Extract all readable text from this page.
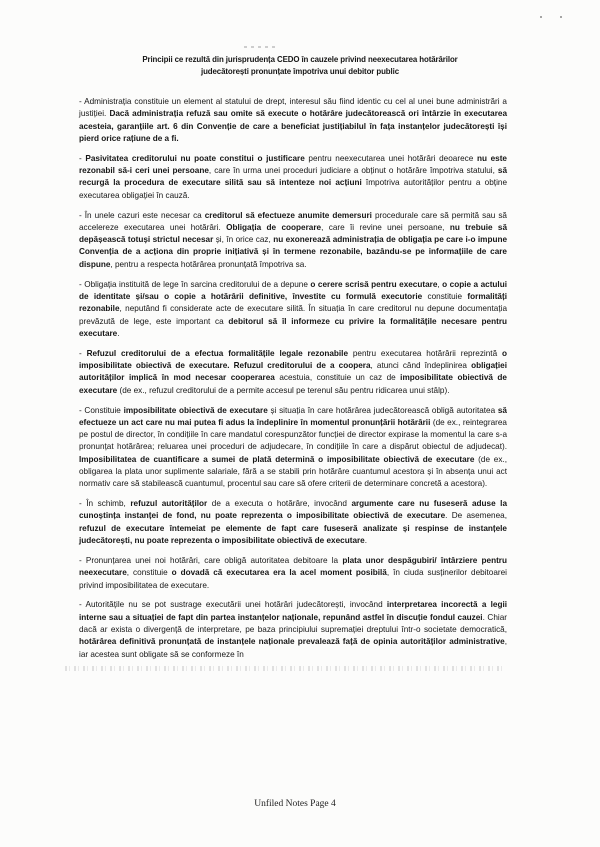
Principii ce rezultă din jurisprudența CEDO în cauzele privind neexecutarea hotărârilor
judecătorești pronunțate împotriva unui debitor public

- Administrația constituie un element al statului de drept, interesul său fiind identic cu cel al unei bune administrări a justiției. Dacă administrația refuză sau omite să execute o hotărâre judecătorească ori întârzie în executarea acesteia, garanțiile art. 6 din Convenție de care a beneficiat justițiabilul în fața instanțelor judecătorești își pierd orice rațiune de a fi.

- Pasivitatea creditorului nu poate constitui o justificare pentru neexecutarea unei hotărâri deoarece nu este rezonabil să-i ceri unei persoane, care în urma unei proceduri judiciare a obținut o hotărâre împotriva statului, să recurgă la procedura de executare silită sau să intenteze noi acțiuni împotriva autorităților pentru a obține executarea obligației în cauză.

- În unele cazuri este necesar ca creditorul să efectueze anumite demersuri procedurale care să permită sau să accelereze executarea unei hotărâri. Obligația de cooperare, care îi revine unei persoane, nu trebuie să depășească totuși strictul necesar și, în orice caz, nu exonerează administrația de obligația pe care i-o impune Convenția de a acționa din proprie inițiativă și în termene rezonabile, bazându-se pe informațiile de care dispune, pentru a respecta hotărârea pronunțată împotriva sa.

- Obligația instituită de lege în sarcina creditorului de a depune o cerere scrisă pentru executare, o copie a actului de identitate și/sau o copie a hotărârii definitive, învestite cu formulă executorie constituie formalități rezonabile, neputând fi considerate acte de executare silită. În situația în care creditorul nu depune documentația prevăzută de lege, este important ca debitorul să îl informeze cu privire la formalitățile necesare pentru executare.

- Refuzul creditorului de a efectua formalitățile legale rezonabile pentru executarea hotărârii reprezintă o imposibilitate obiectivă de executare. Refuzul creditorului de a coopera, atunci când îndeplinirea obligației autorităților implică în mod necesar cooperarea acestuia, constituie un caz de imposibilitate obiectivă de executare (de ex., refuzul creditorului de a permite accesul pe terenul său pentru ridicarea unui stâlp).

- Constituie imposibilitate obiectivă de executare și situația în care hotărârea judecătorească obligă autoritatea să efectueze un act care nu mai putea fi adus la îndeplinire în momentul pronunțării hotărârii (de ex., reintegrarea pe postul de director, în condițiile în care mandatul corespunzător funcției de director expirase la momentul la care s-a pronunțat hotărârea; reluarea unei proceduri de adjudecare, în condițiile în care a dispărut obiectul de adjudecat). Imposibilitatea de cuantificare a sumei de plată determină o imposibilitate obiectivă de executare (de ex., obligarea la plata unor suplimente salariale, fără a se stabili prin hotărâre cuantumul acestora și în absența unui act normativ care să stabilească cuantumul, procentul sau care să ofere criterii de determinare concretă a acestora).

- În schimb, refuzul autorităților de a executa o hotărâre, invocând argumente care nu fuseseră aduse la cunoștința instanței de fond, nu poate reprezenta o imposibilitate obiectivă de executare. De asemenea, refuzul de executare întemeiat pe elemente de fapt care fuseseră analizate și respinse de instanțele judecătorești, nu poate reprezenta o imposibilitate obiectivă de executare.

- Pronunțarea unei noi hotărâri, care obligă autoritatea debitoare la plata unor despăgubiri/ întârziere pentru neexecutare, constituie o dovadă că executarea era la acel moment posibilă, în ciuda susținerilor debitoarei privind imposibilitatea de executare.

- Autoritățile nu se pot sustrage executării unei hotărâri judecătorești, invocând interpretarea incorectă a legii interne sau a situației de fapt din partea instanțelor naționale, repunând astfel în discuție fondul cauzei. Chiar dacă ar exista o divergență de interpretare, pe baza principiului supremației dreptului într-o societate democratică, hotărârea definitivă pronunțată de instanțele naționale prevalează față de opinia autorităților administrative, iar acestea sunt obligate să se conformeze în

Unfiled Notes Page 4
